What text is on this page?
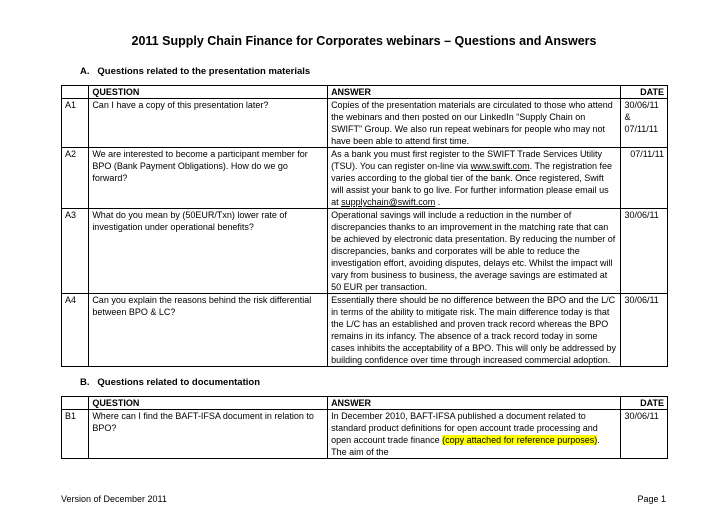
2011 Supply Chain Finance for Corporates webinars – Questions and Answers
A. Questions related to the presentation materials
	QUESTION	ANSWER	DATE
A1	Can I have a copy of this presentation later?	Copies of the presentation materials are circulated to those who attend the webinars and then posted on our LinkedIn “Supply Chain on SWIFT” Group. We also run repeat webinars for people who may not have been able to attend first time.	30/06/11 & 07/11/11
A2	We are interested to become a participant member for BPO (Bank Payment Obligations). How do we go forward?	As a bank you must first register to the SWIFT Trade Services Utility (TSU). You can register on-line via www.swift.com. The registration fee varies according to the global tier of the bank. Once registered, Swift will assist your bank to go live. For further information please email us at supplychain@swift.com .	07/11/11
A3	What do you mean by (50EUR/Txn) lower rate of investigation under operational benefits?	Operational savings will include a reduction in the number of discrepancies thanks to an improvement in the matching rate that can be achieved by electronic data presentation. By reducing the number of discrepancies, banks and corporates will be able to reduce the investigation effort, avoiding disputes, delays etc. Whilst the impact will vary from business to business, the average savings are estimated at 50 EUR per transaction.	30/06/11
A4	Can you explain the reasons behind the risk differential between BPO & LC?	Essentially there should be no difference between the BPO and the L/C in terms of the ability to mitigate risk. The main difference today is that the L/C has an established and proven track record whereas the BPO remains in its infancy. The absence of a track record today in some cases inhibits the acceptability of a BPO. This will only be addressed by building confidence over time through increased commercial adoption.	30/06/11
B. Questions related to documentation
	QUESTION	ANSWER	DATE
B1	Where can I find the BAFT-IFSA document in relation to BPO?	In December 2010, BAFT-IFSA published a document related to standard product definitions for open account trade processing and open account trade finance (copy attached for reference purposes). The aim of the	30/06/11
Version of December 2011	Page 1
